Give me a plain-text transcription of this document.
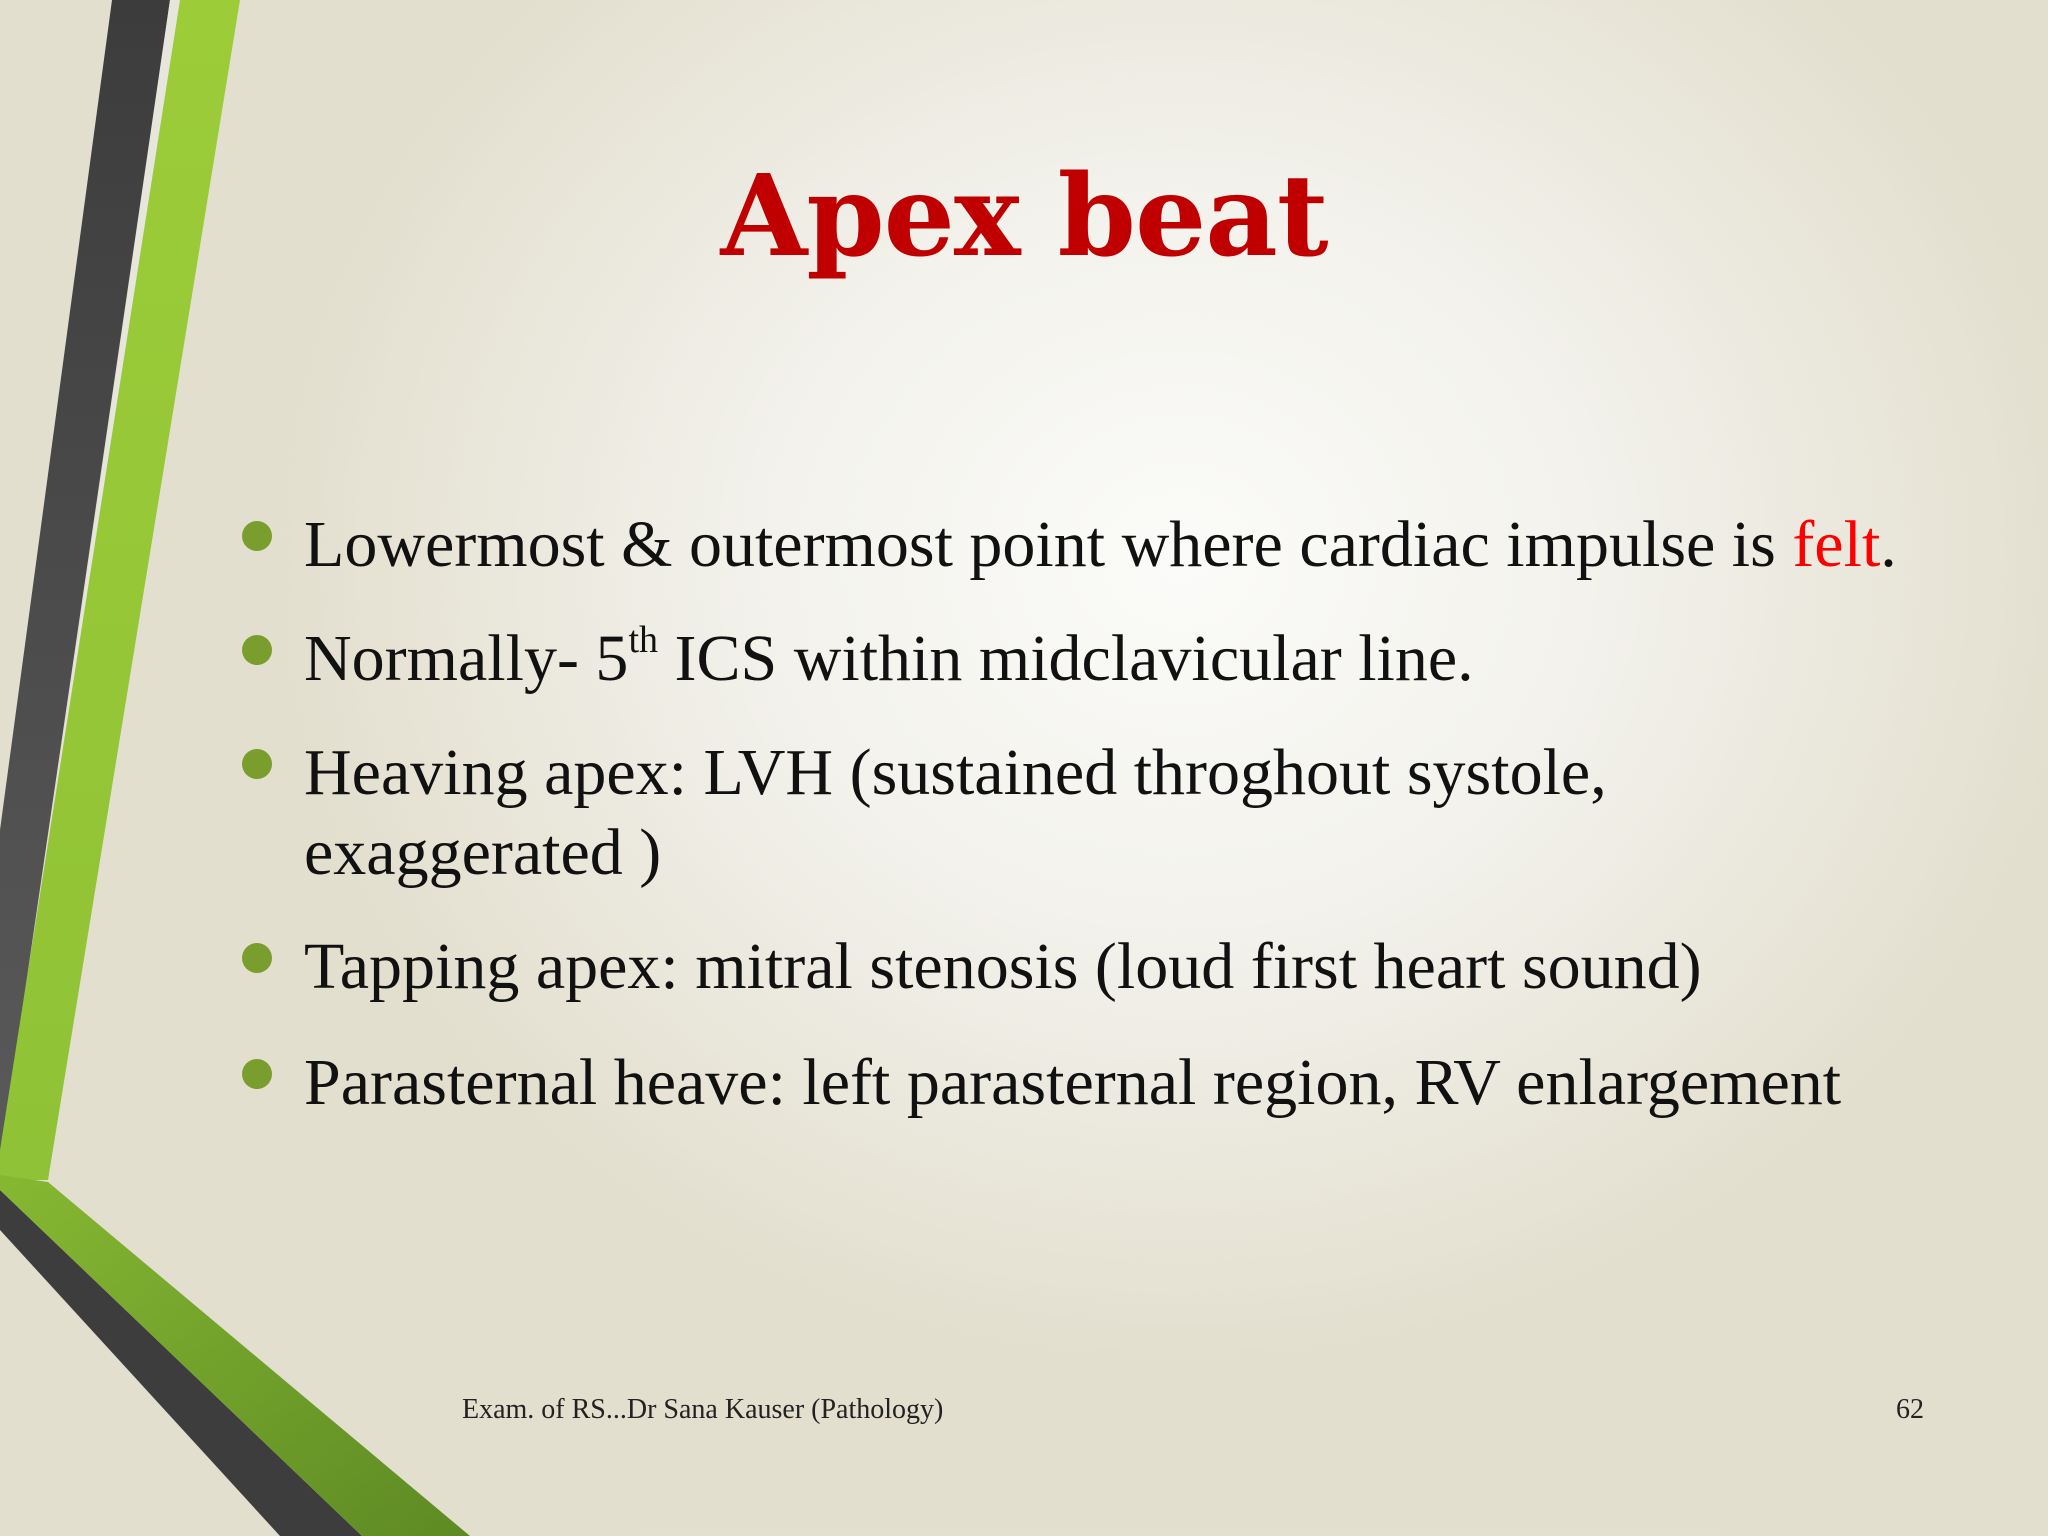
Apex beat
Lowermost & outermost point where cardiac impulse is felt.
Normally- 5th ICS within midclavicular line.
Heaving apex: LVH (sustained throghout systole, exaggerated )
Tapping apex: mitral stenosis (loud first heart sound)
Parasternal heave: left parasternal region, RV enlargement
Exam. of RS...Dr Sana Kauser (Pathology)	62
